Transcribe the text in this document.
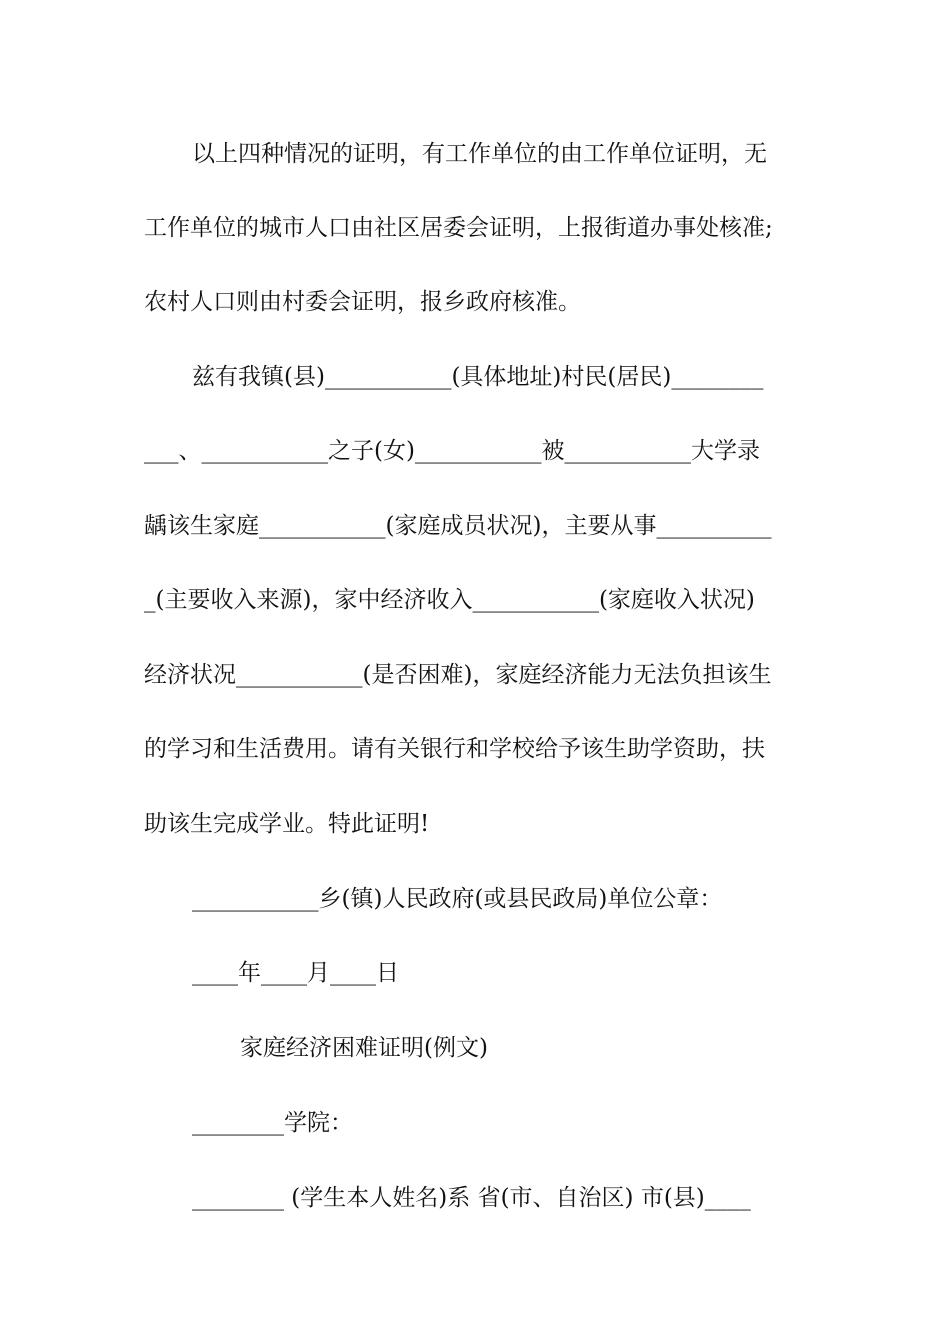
以上四种情况的证明，有工作单位的由工作单位证明，无
工作单位的城市人口由社区居委会证明，上报街道办事处核准;
农村人口则由村委会证明，报乡政府核准。
兹有我镇(县)___________(具体地址)村民(居民)________
___、___________之子(女)___________被___________大学录
龋该生家庭___________(家庭成员状况)，主要从事__________
_(主要收入来源)，家中经济收入___________(家庭收入状况)
经济状况___________(是否困难)，家庭经济能力无法负担该生
的学习和生活费用。请有关银行和学校给予该生助学资助，扶
助该生完成学业。特此证明!
___________乡(镇)人民政府(或县民政局)单位公章：
____年____月____日
家庭经济困难证明(例文)
________学院：
________ (学生本人姓名)系 省(市、自治区) 市(县)____
